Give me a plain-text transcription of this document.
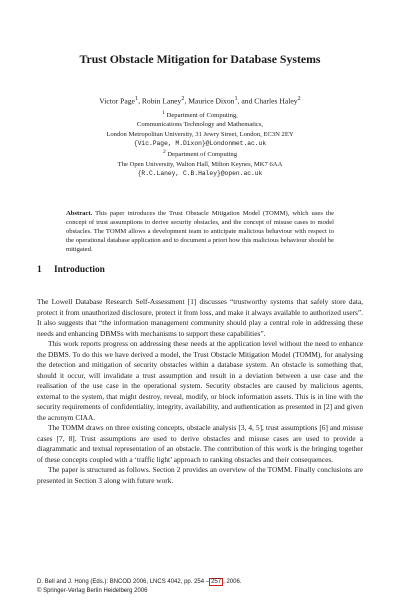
Trust Obstacle Mitigation for Database Systems
Victor Page$^1$, Robin Laney$^2$, Maurice Dixon$^1$, and Charles Haley$^2$
$^1$ Department of Computing,
Communications Technology and Mathematics,
London Metropolitan University, 31 Jewry Street, London, EC3N 2EY
{Vic.Page, M.Dixon}@Londonmet.ac.uk
$^2$ Department of Computing
The Open University, Walton Hall, Milton Keynes, MK7 6AA
{R.C.Laney, C.B.Haley}@open.ac.uk
Abstract. This paper introduces the Trust Obstacle Mitigation Model (TOMM), which uses the concept of trust assumptions to derive security obstacles, and the concept of misuse cases to model obstacles. The TOMM allows a development team to anticipate malicious behaviour with respect to the operational database application and to document a priori how this malicious behaviour should be mitigated.
1 Introduction

The Lowell Database Research Self-Assessment [1] discusses “trustworthy systems that safely store data, protect it from unauthorized disclosure, protect it from loss, and make it always available to authorized users”. It also suggests that “the information management community should play a central role in addressing these needs and enhancing DBMSs with mechanisms to support these capabilities”.

This work reports progress on addressing these needs at the application level without the need to enhance the DBMS. To do this we have derived a model, the Trust Obstacle Mitigation Model (TOMM), for analysing the detection and mitigation of security obstacles within a database system. An obstacle is something that, should it occur, will invalidate a trust assumption and result in a deviation between a use case and the realisation of the use case in the operational system. Security obstacles are caused by malicious agents, external to the system, that might destroy, reveal, modify, or block information assets. This is in line with the security requirements of confidentiality, integrity, availability, and authentication as presented in [2] and given the acronym CIAA.

The TOMM draws on three existing concepts, obstacle analysis [3, 4, 5], trust assumptions [6] and misuse cases [7, 8]. Trust assumptions are used to derive obstacles and misuse cases are used to provide a diagrammatic and textual representation of an obstacle. The contribution of this work is the bringing together of these concepts coupled with a ‘traffic light’ approach to ranking obstacles and their consequences.

The paper is structured as follows. Section 2 provides an overview of the TOMM. Finally conclusions are presented in Section 3 along with future work.

D. Bell and J. Hong (Eds.): BNCOD 2006, LNCS 4042, pp. 254 – 257 , 2006.
© Springer-Verlag Berlin Heidelberg 2006
